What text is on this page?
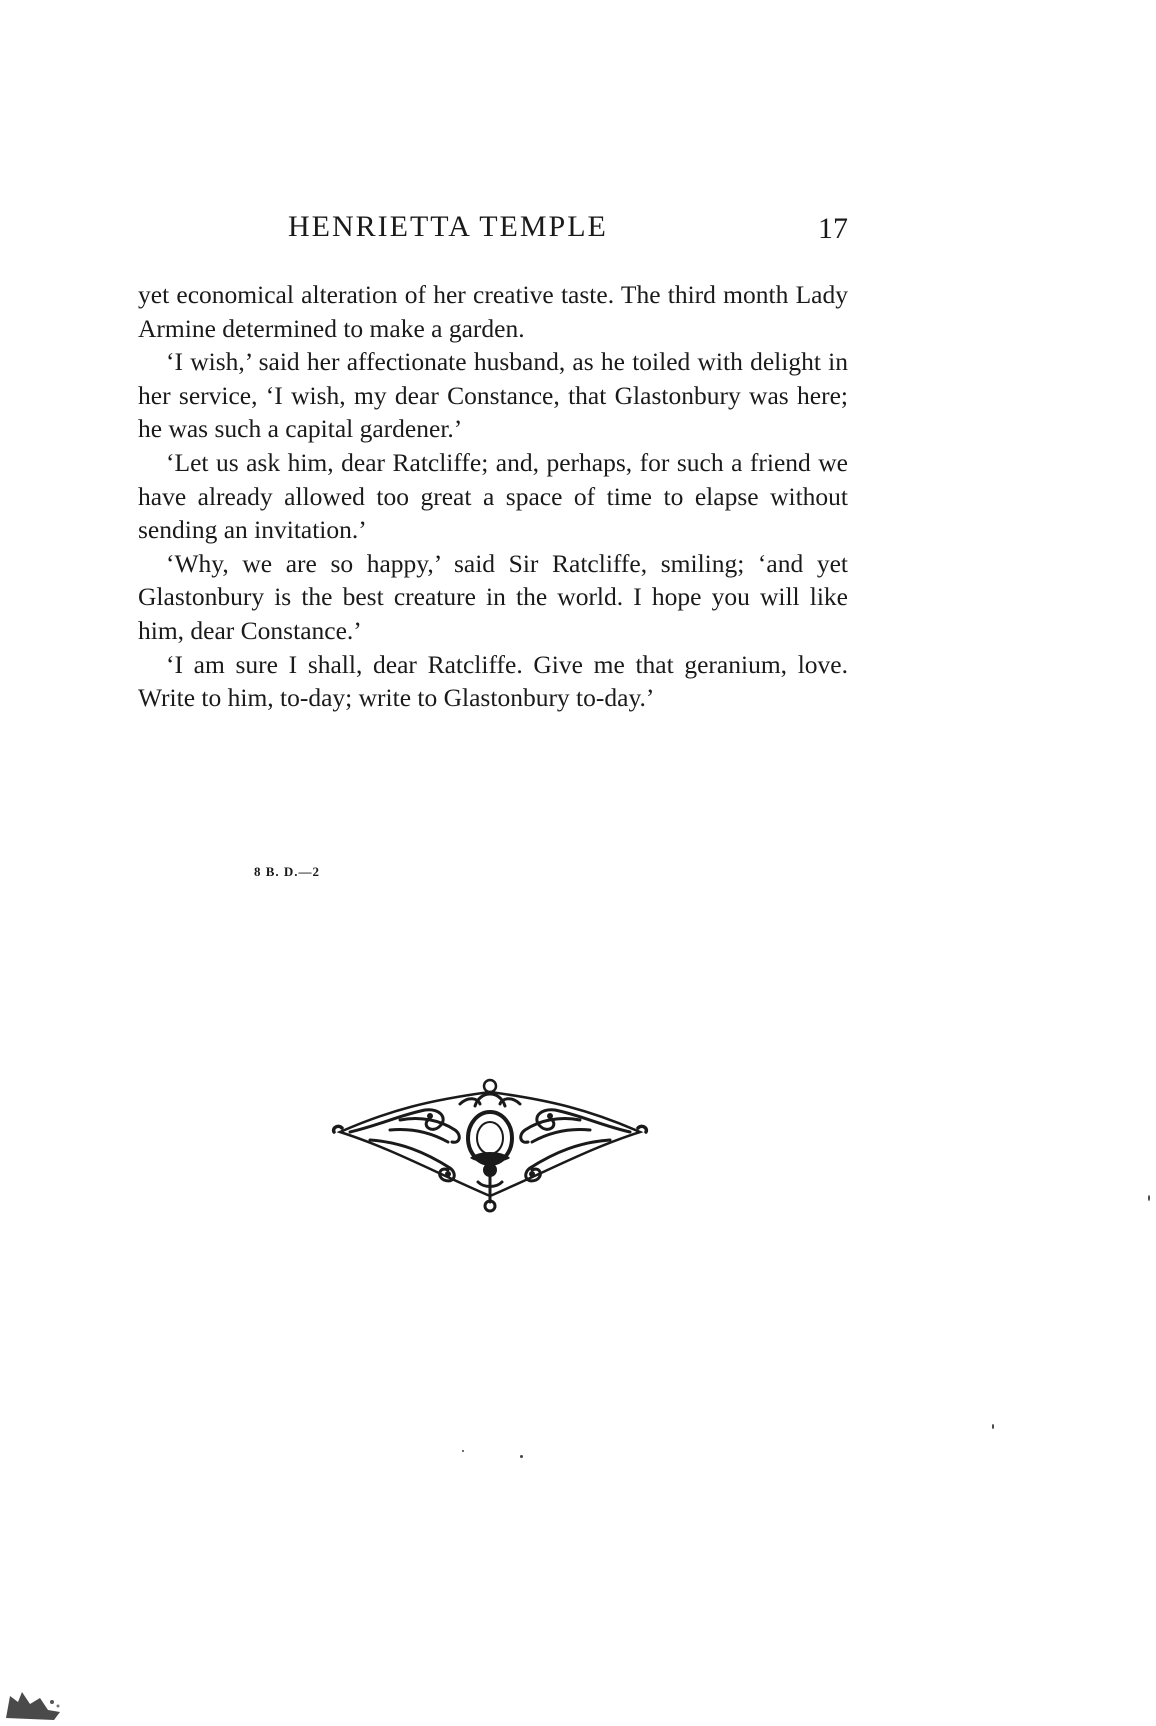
HENRIETTA TEMPLE	17

yet economical alteration of her creative taste. The third month Lady Armine determined to make a garden.

‘I wish,’ said her affectionate husband, as he toiled with delight in her service, ‘I wish, my dear Constance, that Glastonbury was here; he was such a capital gardener.’

‘Let us ask him, dear Ratcliffe; and, perhaps, for such a friend we have already allowed too great a space of time to elapse without sending an invitation.’

‘Why, we are so happy,’ said Sir Ratcliffe, smiling; ‘and yet Glastonbury is the best creature in the world. I hope you will like him, dear Constance.’

‘I am sure I shall, dear Ratcliffe. Give me that geranium, love. Write to him, to-day; write to Glastonbury to-day.’

8 B. D.—2
